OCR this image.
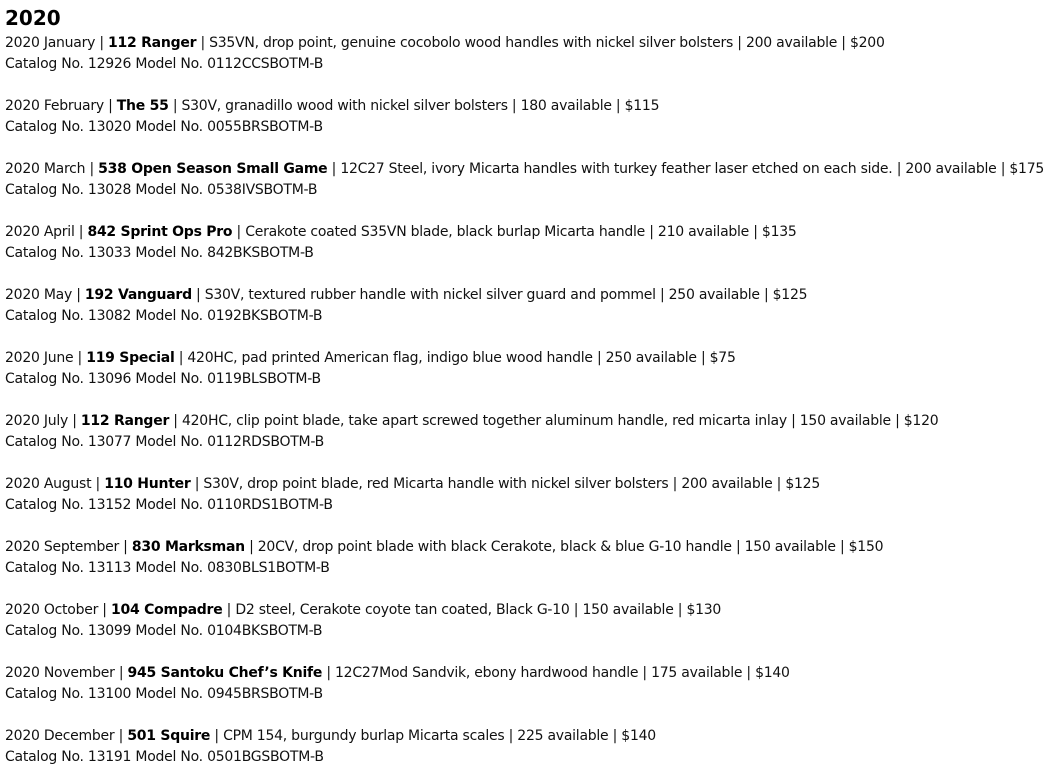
2020
2020 January | 112 Ranger | S35VN, drop point, genuine cocobolo wood handles with nickel silver bolsters | 200 available | $200
Catalog No. 12926 Model No. 0112CCSBOTM-B
2020 February | The 55 | S30V, granadillo wood with nickel silver bolsters | 180 available | $115
Catalog No. 13020 Model No. 0055BRSBOTM-B
2020 March | 538 Open Season Small Game | 12C27 Steel, ivory Micarta handles with turkey feather laser etched on each side. | 200 available | $175
Catalog No. 13028 Model No. 0538IVSBOTM-B
2020 April | 842 Sprint Ops Pro | Cerakote coated S35VN blade, black burlap Micarta handle | 210 available | $135
Catalog No. 13033 Model No. 842BKSBOTM-B
2020 May | 192 Vanguard | S30V, textured rubber handle with nickel silver guard and pommel | 250 available | $125
Catalog No. 13082 Model No. 0192BKSBOTM-B
2020 June | 119 Special | 420HC, pad printed American flag, indigo blue wood handle | 250 available | $75
Catalog No. 13096 Model No. 0119BLSBOTM-B
2020 July | 112 Ranger | 420HC, clip point blade, take apart screwed together aluminum handle, red micarta inlay | 150 available | $120
Catalog No. 13077 Model No. 0112RDSBOTM-B
2020 August | 110 Hunter | S30V, drop point blade, red Micarta handle with nickel silver bolsters | 200 available | $125
Catalog No. 13152 Model No. 0110RDS1BOTM-B
2020 September | 830 Marksman | 20CV, drop point blade with black Cerakote, black & blue G-10 handle | 150 available | $150
Catalog No. 13113 Model No. 0830BLS1BOTM-B
2020 October | 104 Compadre | D2 steel, Cerakote coyote tan coated, Black G-10 | 150 available | $130
Catalog No. 13099 Model No. 0104BKSBOTM-B
2020 November | 945 Santoku Chef’s Knife | 12C27Mod Sandvik, ebony hardwood handle | 175 available | $140
Catalog No. 13100 Model No. 0945BRSBOTM-B
2020 December | 501 Squire | CPM 154, burgundy burlap Micarta scales | 225 available | $140
Catalog No. 13191 Model No. 0501BGSBOTM-B
